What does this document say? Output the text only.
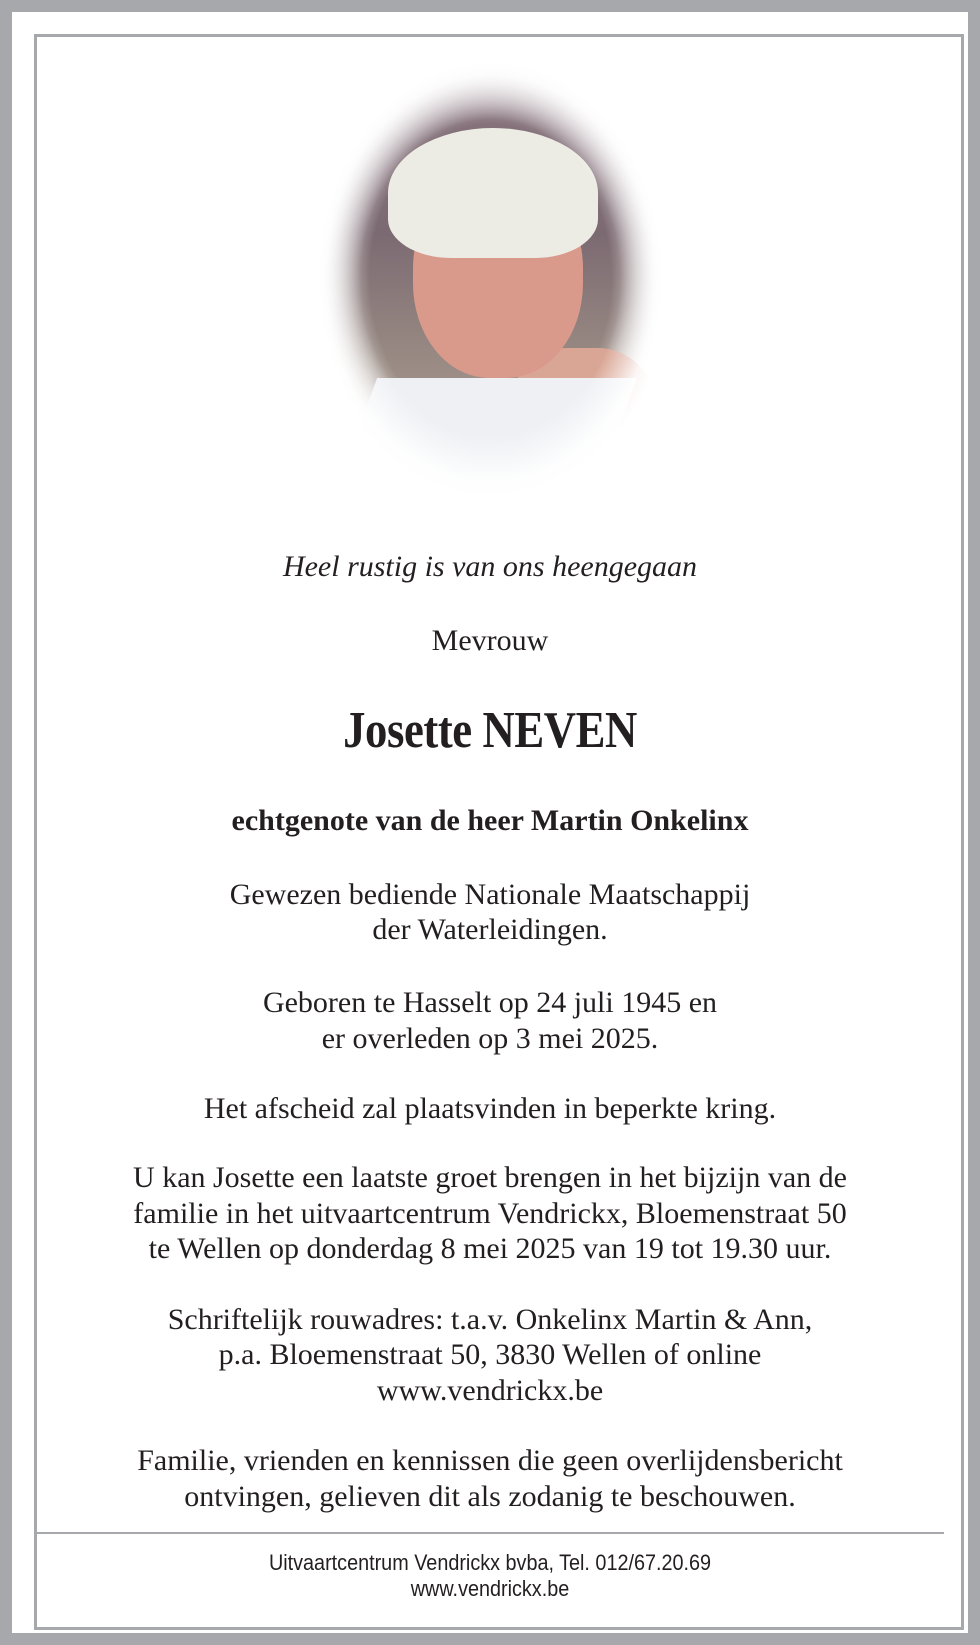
Heel rustig is van ons heengegaan
Mevrouw
Josette NEVEN
echtgenote van de heer Martin Onkelinx
Gewezen bediende Nationale Maatschappij
der Waterleidingen.
Geboren te Hasselt op 24 juli 1945 en
er overleden op 3 mei 2025.
Het afscheid zal plaatsvinden in beperkte kring.
U kan Josette een laatste groet brengen in het bijzijn van de
familie in het uitvaartcentrum Vendrickx, Bloemenstraat 50
te Wellen op donderdag 8 mei 2025 van 19 tot 19.30 uur.
Schriftelijk rouwadres: t.a.v. Onkelinx Martin & Ann,
p.a. Bloemenstraat 50, 3830 Wellen of online
www.vendrickx.be
Familie, vrienden en kennissen die geen overlijdensbericht
ontvingen, gelieven dit als zodanig te beschouwen.
Uitvaartcentrum Vendrickx bvba, Tel. 012/67.20.69
www.vendrickx.be
